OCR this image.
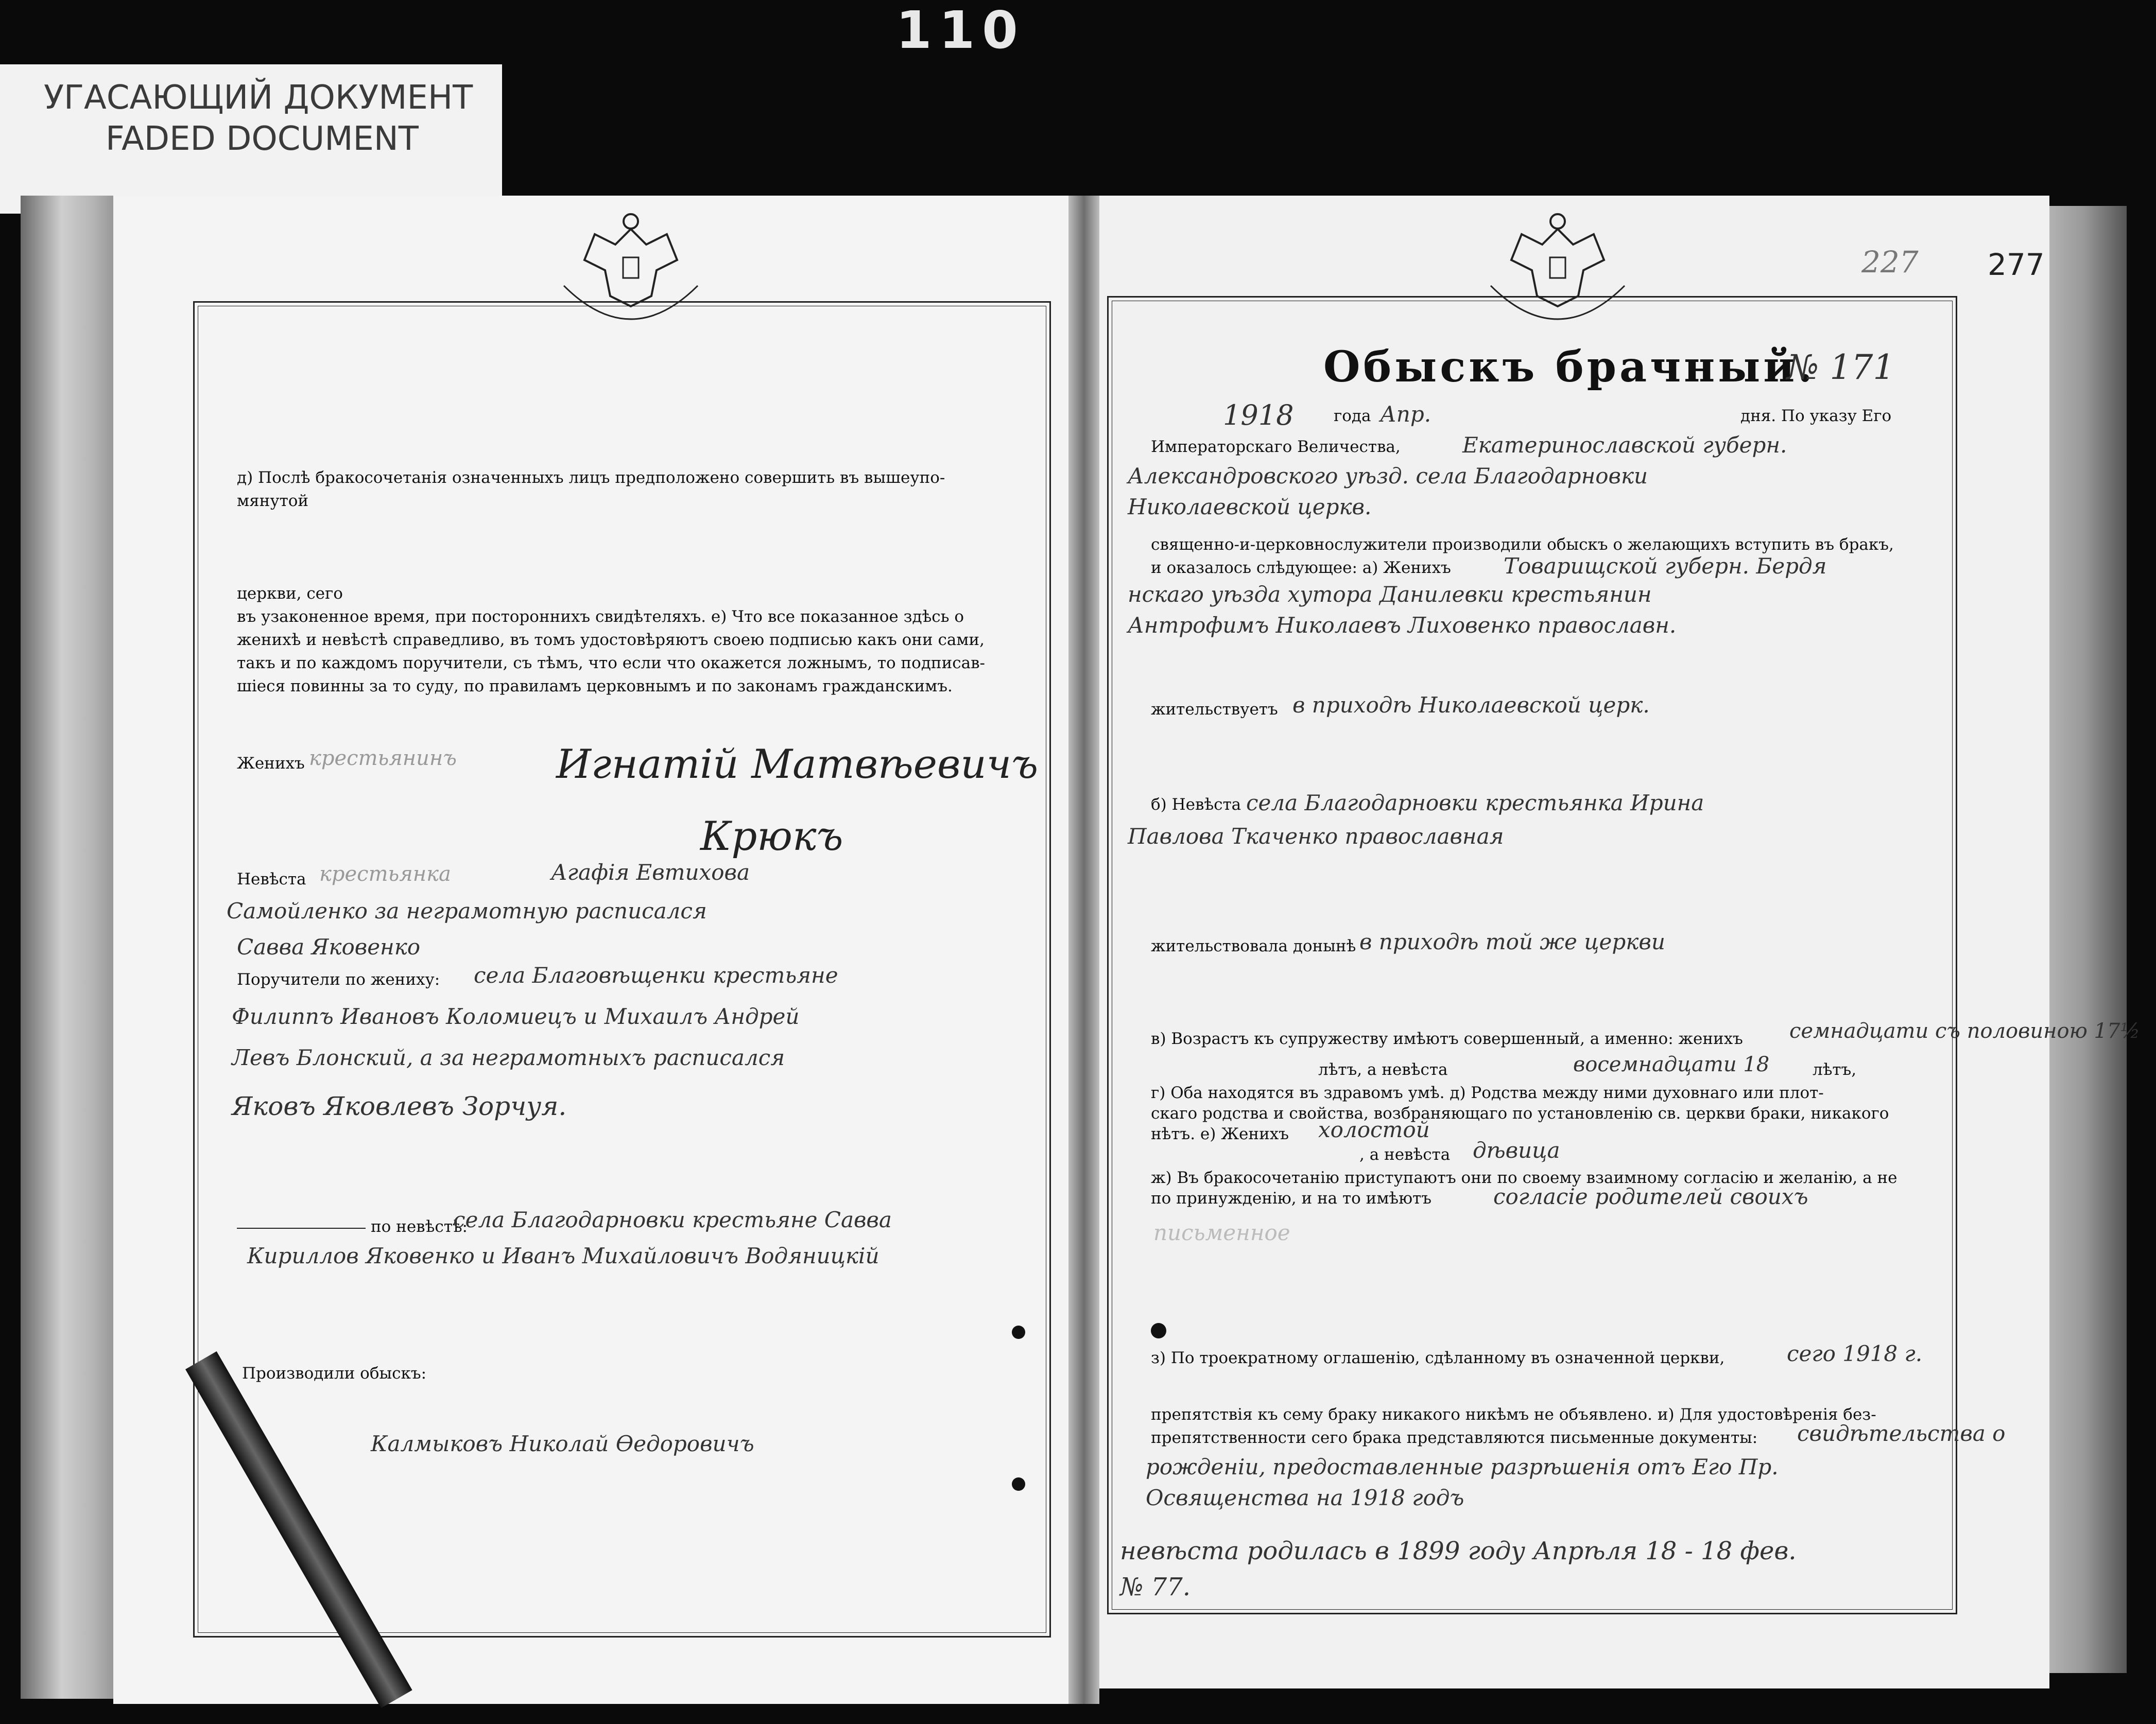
110
УГАСАЮЩИЙ ДОКУМЕНТ
FADED DOCUMENT
227 277
Обыскъ брачный.
№ 171
1918	года Апр.	дня. По указу Его
Императорскаго Величества,	Екатеринославской губерн.
Александровского уѣзд. села Благодарновки
Николаевской церкв.
священно-и-церковнослужители производили обыскъ о желающихъ вступить въ бракъ,
и оказалось слѣдующее: а) Женихъ Товарищской губерн. Бердя
нскаго уѣзда хутора Данилевки крестьянин
Антрофимъ Николаевъ Лиховенко православн.
жительствуетъ в приходѣ Николаевской церк.
б) Невѣста села Благодарновки крестьянка Ирина
Павлова Ткаченко православная
жительствовала донынѣ в приходѣ той же церкви
в) Возрастъ къ супружеству имѣютъ совершенный, а именно: женихъ семнадцати съ половиною 17½
лѣтъ, а невѣста	восемнадцати 18	лѣтъ,
г) Оба находятся въ здравомъ умѣ. д) Родства между ними духовнаго или плот-
скаго родства и свойства, возбраняющаго по установленію св. церкви браки, никакого
нѣтъ. е) Женихъ холостой
, а невѣста дѣвица
ж) Въ бракосочетанію приступаютъ они по своему взаимному согласію и желанію, а не
по принужденію, и на то имѣютъ	согласіе родителей своихъ
письменное
з) По троекратному оглашенію, сдѣланному въ означенной церкви,	сего 1918 г.
препятствія къ сему браку никакого никѣмъ не объявлено. и) Для удостовѣренія без-
препятственности сего брака представляются письменные документы: свидѣтельства о
рожденіи, предоставленные разрѣшенія отъ Его Пр.
Освященства на 1918 годъ
невѣста родилась в 1899 году Апрѣля 18 - 18 фев.
№ 77.
д) Послѣ бракосочетанія означенныхъ лицъ предположено совершить въ вышеупо-
мянутой
церкви, сего
въ узаконенное время, при постороннихъ свидѣтеляхъ. е) Что все показанное здѣсь о
женихѣ и невѣстѣ справедливо, въ томъ удостовѣряютъ своею подписью какъ они сами,
такъ и по каждомъ поручители, съ тѣмъ, что если что окажется ложнымъ, то подписав-
шіеся повинны за то суду, по правиламъ церковнымъ и по законамъ гражданскимъ.
Женихъ крестьянинъ Игнатій Матвѣевичъ
Крюкъ
Невѣста крестьянка	Агафія Евтихова
Самойленко за неграмотную расписался
Савва Яковенко
Поручители по жениху: села Благовѣщенки крестьяне
Филиппъ Ивановъ Коломиецъ и Михаилъ Андрей
Левъ Блонский, а за неграмотныхъ расписался
Яковъ Яковлевъ Зорчуя.
по невѣстѣ:
села Благодарновки крестьяне Савва
Кириллов Яковенко и Иванъ Михайловичъ Водяницкій
Производили обыскъ:
Калмыковъ Николай Ѳедоровичъ
